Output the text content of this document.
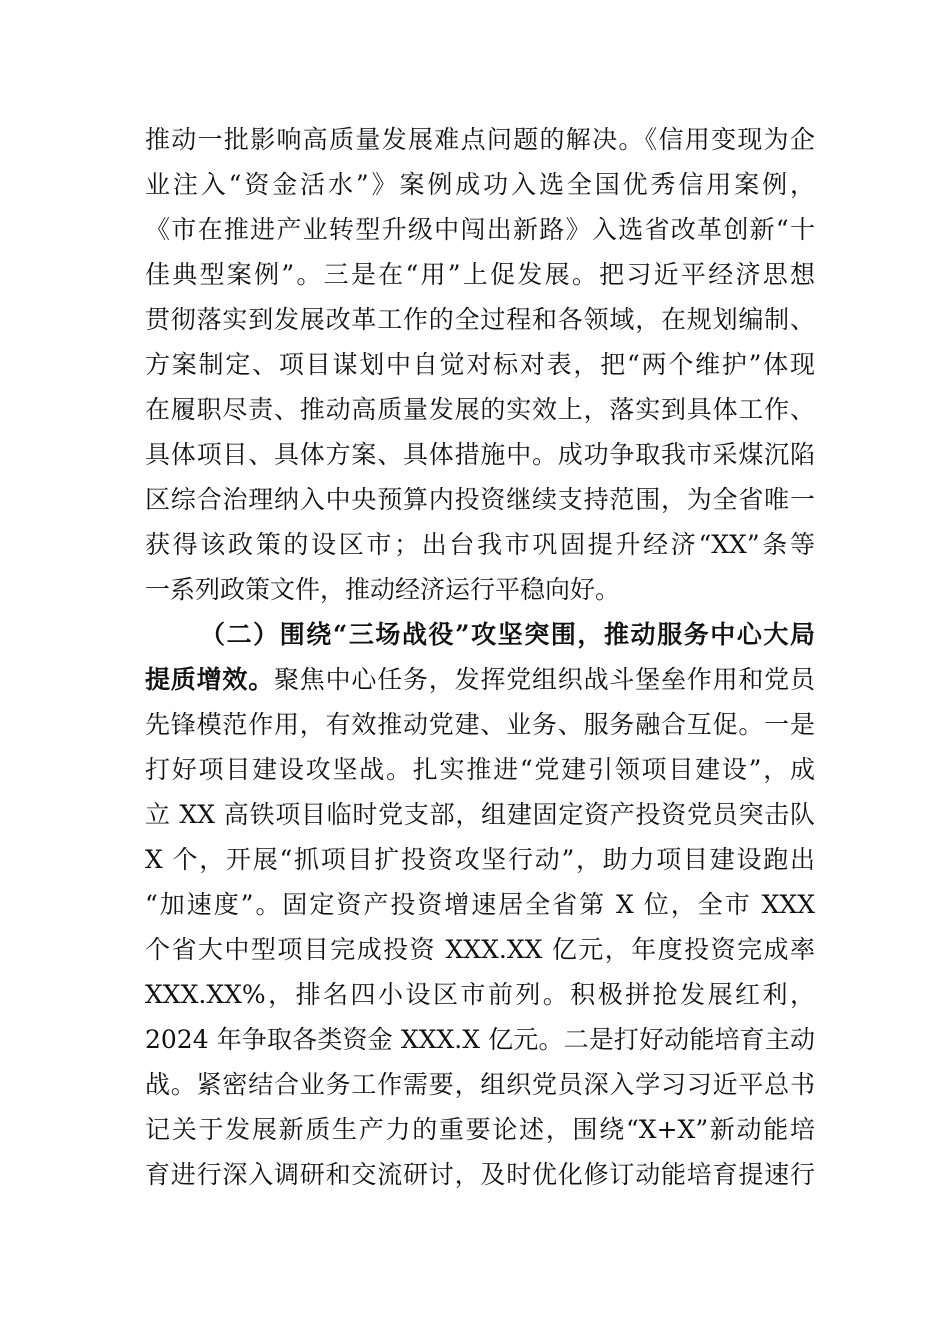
推动一批影响高质量发展难点问题的解决。《信用变现为企
业注入“资金活水”》案例成功入选全国优秀信用案例，
《市在推进产业转型升级中闯出新路》入选省改革创新“十
佳典型案例”。三是在“用”上促发展。把习近平经济思想
贯彻落实到发展改革工作的全过程和各领域，在规划编制、
方案制定、项目谋划中自觉对标对表，把“两个维护”体现
在履职尽责、推动高质量发展的实效上，落实到具体工作、
具体项目、具体方案、具体措施中。成功争取我市采煤沉陷
区综合治理纳入中央预算内投资继续支持范围，为全省唯一
获得该政策的设区市；出台我市巩固提升经济“XX”条等
一系列政策文件，推动经济运行平稳向好。
（二）围绕“三场战役”攻坚突围，推动服务中心大局
提质增效。聚焦中心任务，发挥党组织战斗堡垒作用和党员
先锋模范作用，有效推动党建、业务、服务融合互促。一是
打好项目建设攻坚战。扎实推进“党建引领项目建设”，成
立 XX 高铁项目临时党支部，组建固定资产投资党员突击队
X 个，开展“抓项目扩投资攻坚行动”，助力项目建设跑出
“加速度”。固定资产投资增速居全省第 X 位，全市 XXX
个省大中型项目完成投资 XXX.XX 亿元，年度投资完成率
XXX.XX%，排名四小设区市前列。积极拼抢发展红利，
2024 年争取各类资金 XXX.X 亿元。二是打好动能培育主动
战。紧密结合业务工作需要，组织党员深入学习习近平总书
记关于发展新质生产力的重要论述，围绕“X+X”新动能培
育进行深入调研和交流研讨，及时优化修订动能培育提速行
